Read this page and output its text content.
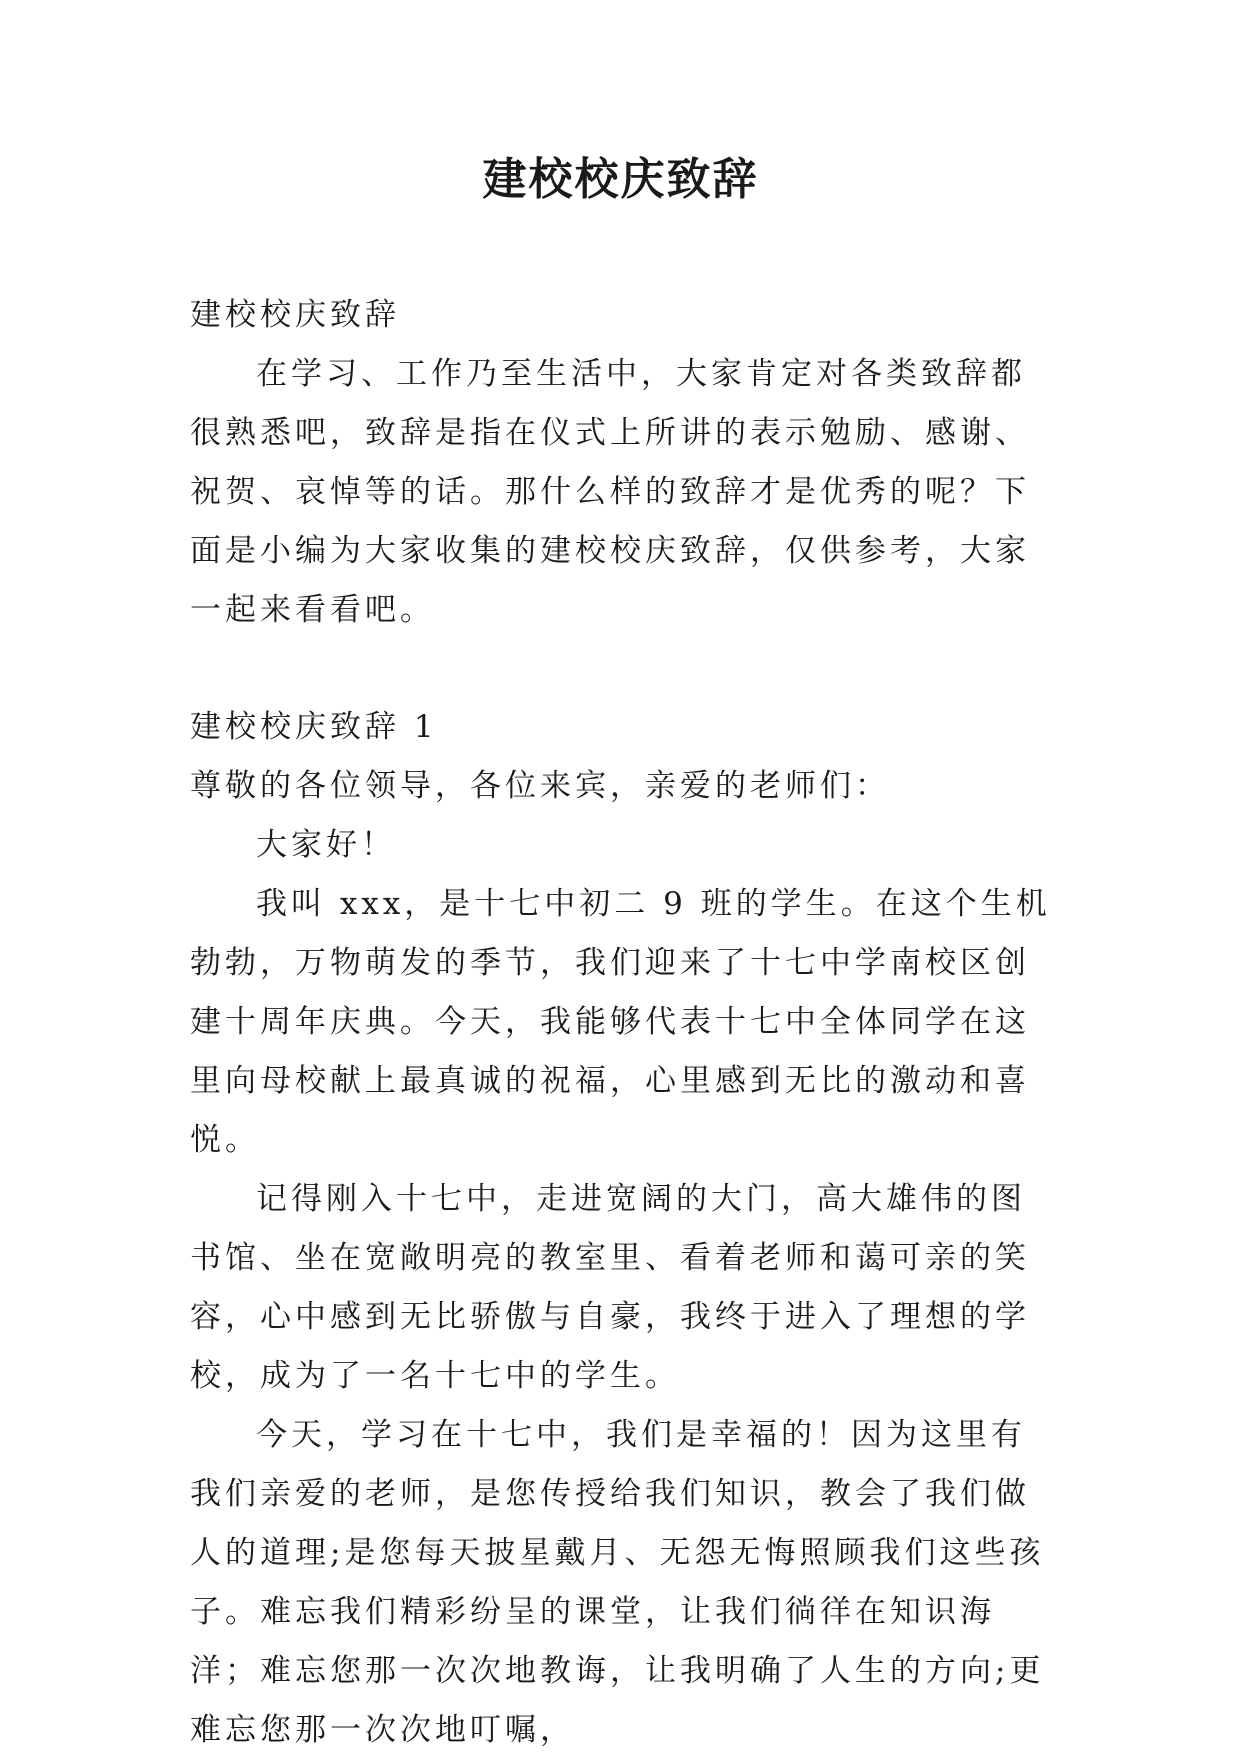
建校校庆致辞

建校校庆致辞

在学习、工作乃至生活中，大家肯定对各类致辞都很熟悉吧，致辞是指在仪式上所讲的表示勉励、感谢、祝贺、哀悼等的话。那什么样的致辞才是优秀的呢？下面是小编为大家收集的建校校庆致辞，仅供参考，大家一起来看看吧。

建校校庆致辞 1

尊敬的各位领导，各位来宾，亲爱的老师们：

大家好！

我叫 xxx，是十七中初二 9 班的学生。在这个生机勃勃，万物萌发的季节，我们迎来了十七中学南校区创建十周年庆典。今天，我能够代表十七中全体同学在这里向母校献上最真诚的祝福，心里感到无比的激动和喜悦。

记得刚入十七中，走进宽阔的大门，高大雄伟的图书馆、坐在宽敞明亮的教室里、看着老师和蔼可亲的笑容，心中感到无比骄傲与自豪，我终于进入了理想的学校，成为了一名十七中的学生。

今天，学习在十七中，我们是幸福的！因为这里有我们亲爱的老师，是您传授给我们知识，教会了我们做人的道理;是您每天披星戴月、无怨无悔照顾我们这些孩子。难忘我们精彩纷呈的课堂，让我们徜徉在知识海洋；难忘您那一次次地教诲，让我明确了人生的方向;更难忘您那一次次地叮嘱，
